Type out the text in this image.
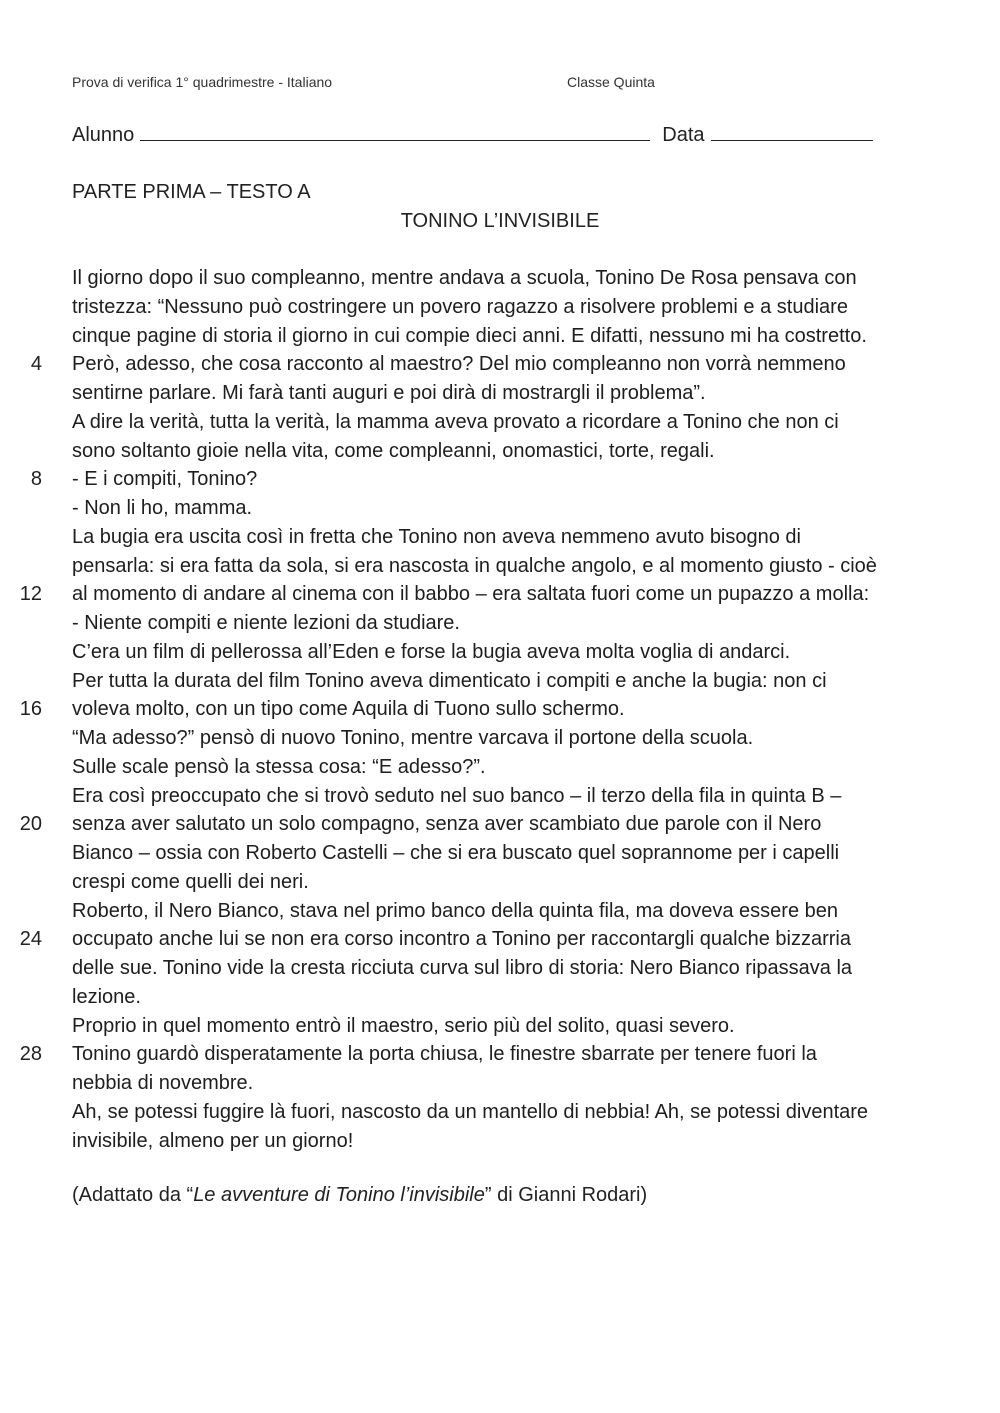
Prova di verifica 1° quadrimestre - Italiano	Classe Quinta
Alunno	Data
PARTE PRIMA – TESTO A
TONINO L’INVISIBILE
Il giorno dopo il suo compleanno, mentre andava a scuola, Tonino De Rosa pensava con
tristezza: “Nessuno può costringere un povero ragazzo a risolvere problemi e a studiare
cinque pagine di storia il giorno in cui compie dieci anni. E difatti, nessuno mi ha costretto.
4 Però, adesso, che cosa racconto al maestro? Del mio compleanno non vorrà nemmeno
sentirne parlare. Mi farà tanti auguri e poi dirà di mostrargli il problema”.
A dire la verità, tutta la verità, la mamma aveva provato a ricordare a Tonino che non ci
sono soltanto gioie nella vita, come compleanni, onomastici, torte, regali.
8 - E i compiti, Tonino?
- Non li ho, mamma.
La bugia era uscita così in fretta che Tonino non aveva nemmeno avuto bisogno di
pensarla: si era fatta da sola, si era nascosta in qualche angolo, e al momento giusto - cioè
12 al momento di andare al cinema con il babbo – era saltata fuori come un pupazzo a molla:
- Niente compiti e niente lezioni da studiare.
C’era un film di pellerossa all’Eden e forse la bugia aveva molta voglia di andarci.
Per tutta la durata del film Tonino aveva dimenticato i compiti e anche la bugia: non ci
16 voleva molto, con un tipo come Aquila di Tuono sullo schermo.
“Ma adesso?” pensò di nuovo Tonino, mentre varcava il portone della scuola.
Sulle scale pensò la stessa cosa: “E adesso?”.
Era così preoccupato che si trovò seduto nel suo banco – il terzo della fila in quinta B –
20 senza aver salutato un solo compagno, senza aver scambiato due parole con il Nero
Bianco – ossia con Roberto Castelli – che si era buscato quel soprannome per i capelli
crespi come quelli dei neri.
Roberto, il Nero Bianco, stava nel primo banco della quinta fila, ma doveva essere ben
24 occupato anche lui se non era corso incontro a Tonino per raccontargli qualche bizzarria
delle sue. Tonino vide la cresta ricciuta curva sul libro di storia: Nero Bianco ripassava la
lezione.
Proprio in quel momento entrò il maestro, serio più del solito, quasi severo.
28 Tonino guardò disperatamente la porta chiusa, le finestre sbarrate per tenere fuori la
nebbia di novembre.
Ah, se potessi fuggire là fuori, nascosto da un mantello di nebbia! Ah, se potessi diventare
invisibile, almeno per un giorno!
(Adattato da “Le avventure di Tonino l’invisibile” di Gianni Rodari)
